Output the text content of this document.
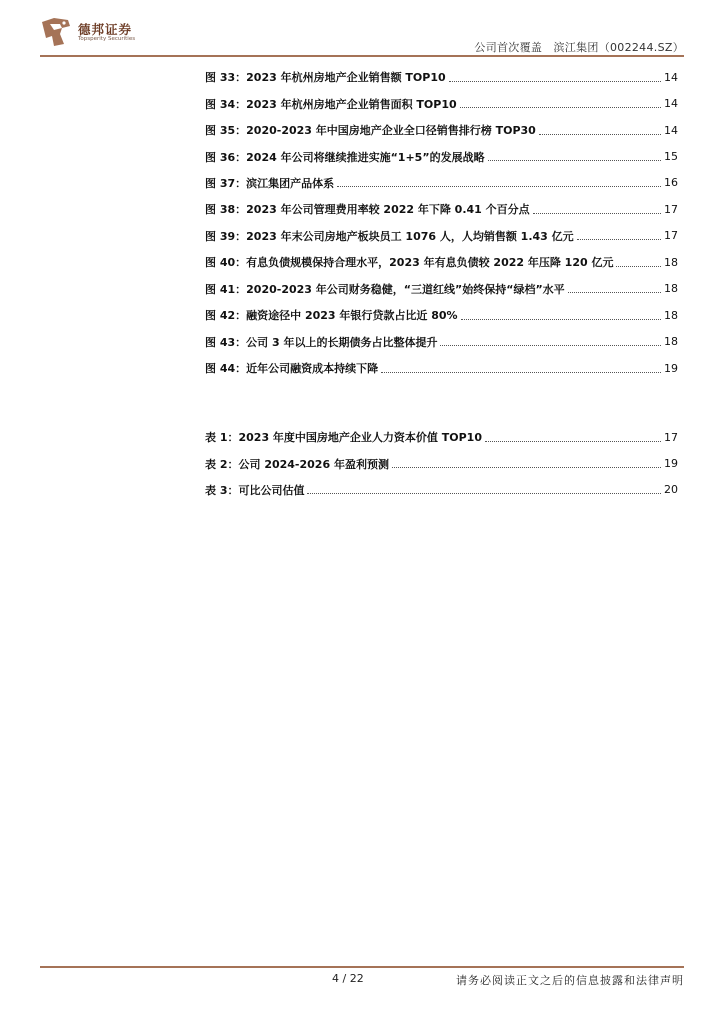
德邦证券
Topsperity Securities
公司首次覆盖　滨江集团（002244.SZ）
图 33：2023 年杭州房地产企业销售额 TOP10	14
图 34：2023 年杭州房地产企业销售面积 TOP10	14
图 35：2020-2023 年中国房地产企业全口径销售排行榜 TOP30	14
图 36：2024 年公司将继续推进实施“1+5”的发展战略	15
图 37：滨江集团产品体系	16
图 38：2023 年公司管理费用率较 2022 年下降 0.41 个百分点	17
图 39：2023 年末公司房地产板块员工 1076 人，人均销售额 1.43 亿元	17
图 40：有息负债规模保持合理水平，2023 年有息负债较 2022 年压降 120 亿元	18
图 41：2020-2023 年公司财务稳健，“三道红线”始终保持“绿档”水平	18
图 42：融资途径中 2023 年银行贷款占比近 80%	18
图 43：公司 3 年以上的长期债务占比整体提升	18
图 44：近年公司融资成本持续下降	19
表 1：2023 年度中国房地产企业人力资本价值 TOP10	17
表 2：公司 2024-2026 年盈利预测	19
表 3：可比公司估值	20
4 / 22	请务必阅读正文之后的信息披露和法律声明
